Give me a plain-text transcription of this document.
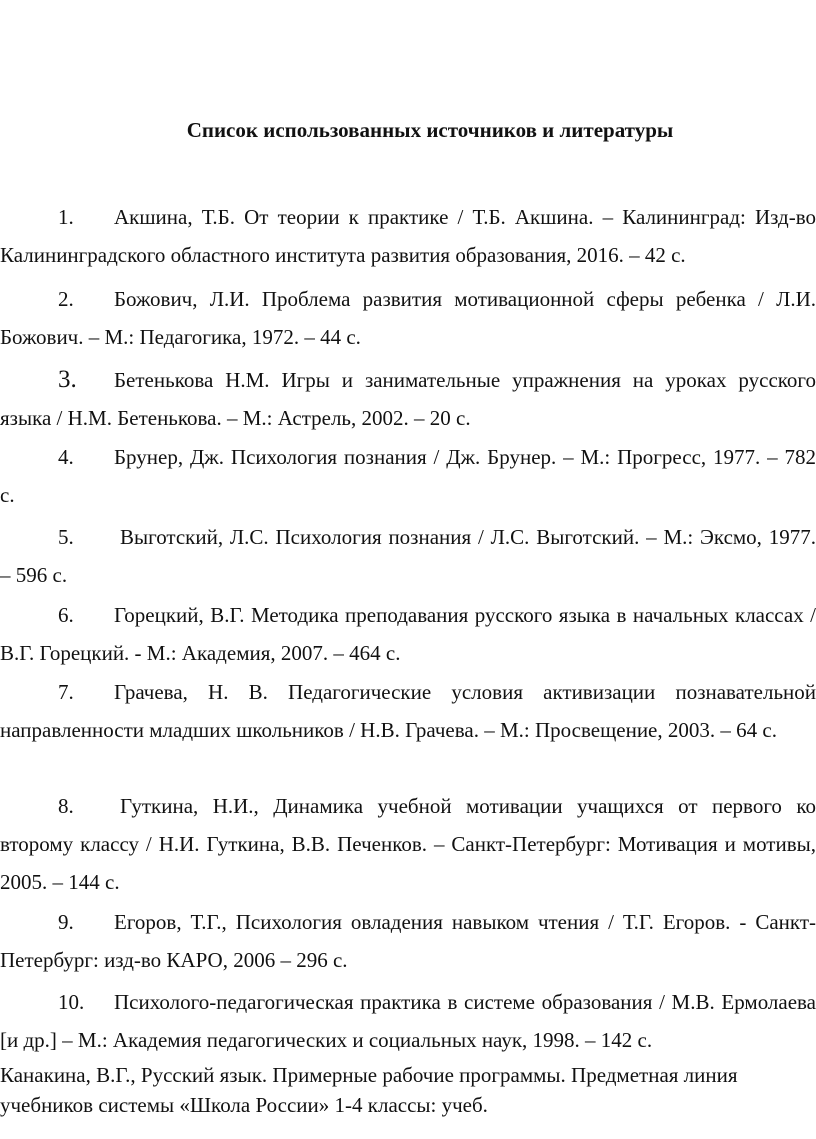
Список использованных источников и литературы
1. Акшина, Т.Б. От теории к практике / Т.Б. Акшина. – Калининград: Изд-во Калининградского областного института развития образования, 2016. – 42 с.
2. Божович, Л.И. Проблема развития мотивационной сферы ребенка / Л.И. Божович. – М.: Педагогика, 1972. – 44 с.
3. Бетенькова Н.М. Игры и занимательные упражнения на уроках русского языка / Н.М. Бетенькова. – М.: Астрель, 2002. – 20 с.
4. Брунер, Дж. Психология познания / Дж. Брунер. – М.: Прогресс, 1977. – 782 с.
5. Выготский, Л.С. Психология познания / Л.С. Выготский. – М.: Эксмо, 1977. – 596 с.
6. Горецкий, В.Г. Методика преподавания русского языка в начальных классах / В.Г. Горецкий. - М.: Академия, 2007. – 464 с.
7. Грачева, Н. В. Педагогические условия активизации познавательной направленности младших школьников / Н.В. Грачева. – М.: Просвещение, 2003. – 64 с.
8. Гуткина, Н.И., Динамика учебной мотивации учащихся от первого ко второму классу / Н.И. Гуткина, В.В. Печенков. – Санкт-Петербург: Мотивация и мотивы, 2005. – 144 с.
9. Егоров, Т.Г., Психология овладения навыком чтения / Т.Г. Егоров. - Санкт-Петербург: изд-во КАРО, 2006 – 296 с.
10. Психолого-педагогическая практика в системе образования / М.В. Ермолаева [и др.] – М.: Академия педагогических и социальных наук, 1998. – 142 с.
Канакина, В.Г., Русский язык. Примерные рабочие программы. Предметная линия учебников системы «Школа России» 1-4 классы: учеб.
